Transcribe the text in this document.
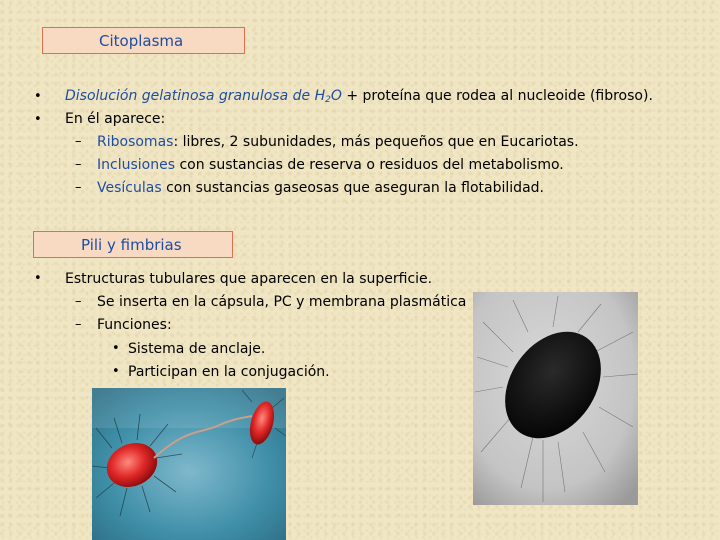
Citoplasma
• Disolución gelatinosa granulosa de $H_2O$ + proteína que rodea al nucleoide (fibroso).
• En él aparece:
– Ribosomas: libres, 2 subunidades, más pequeños que en Eucariotas.
– Inclusiones con sustancias de reserva o residuos del metabolismo.
– Vesículas con sustancias gaseosas que aseguran la flotabilidad.
Pili y fimbrias
• Estructuras tubulares que aparecen en la superficie.
– Se inserta en la cápsula, PC y membrana plasmática
– Funciones:
• Sistema de anclaje.
• Participan en la conjugación.
